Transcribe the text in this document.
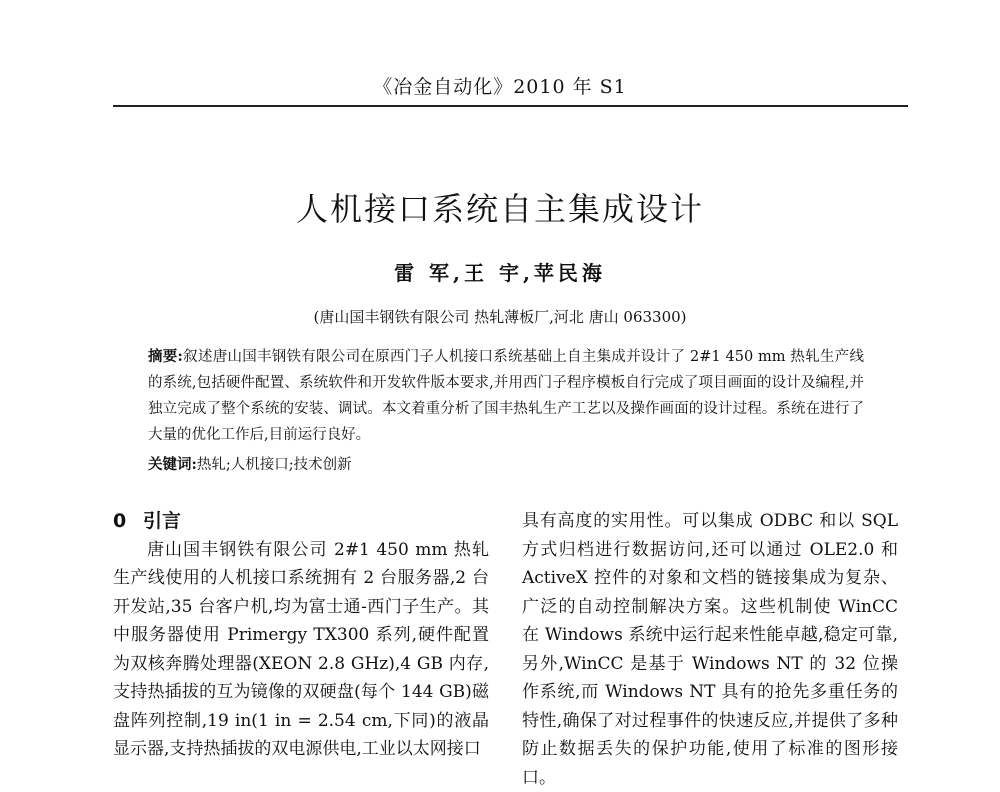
《冶金自动化》2010 年 S1
人机接口系统自主集成设计
雷 军,王 宇,苹民海
(唐山国丰钢铁有限公司 热轧薄板厂,河北 唐山 063300)
摘要:叙述唐山国丰钢铁有限公司在原西门子人机接口系统基础上自主集成并设计了 2#1 450 mm 热轧生产线的系统,包括硬件配置、系统软件和开发软件版本要求,并用西门子程序模板自行完成了项目画面的设计及编程,并独立完成了整个系统的安装、调试。本文着重分析了国丰热轧生产工艺以及操作画面的设计过程。系统在进行了大量的优化工作后,目前运行良好。
关键词:热轧;人机接口;技术创新
0 引言

唐山国丰钢铁有限公司 2#1 450 mm 热轧生产线使用的人机接口系统拥有 2 台服务器,2 台开发站,35 台客户机,均为富士通-西门子生产。其中服务器使用 Primergy TX300 系列,硬件配置为双核奔腾处理器(XEON 2.8 GHz),4 GB 内存,支持热插拔的互为镜像的双硬盘(每个 144 GB)磁盘阵列控制,19 in(1 in = 2.54 cm,下同)的液晶显示器,支持热插拔的双电源供电,工业以太网接口

具有高度的实用性。可以集成 ODBC 和以 SQL 方式归档进行数据访问,还可以通过 OLE2.0 和 ActiveX 控件的对象和文档的链接集成为复杂、广泛的自动控制解决方案。这些机制使 WinCC 在 Windows 系统中运行起来性能卓越,稳定可靠,另外,WinCC 是基于 Windows NT 的 32 位操作系统,而 Windows NT 具有的抢先多重任务的特性,确保了对过程事件的快速反应,并提供了多种防止数据丢失的保护功能,使用了标准的图形接口。
